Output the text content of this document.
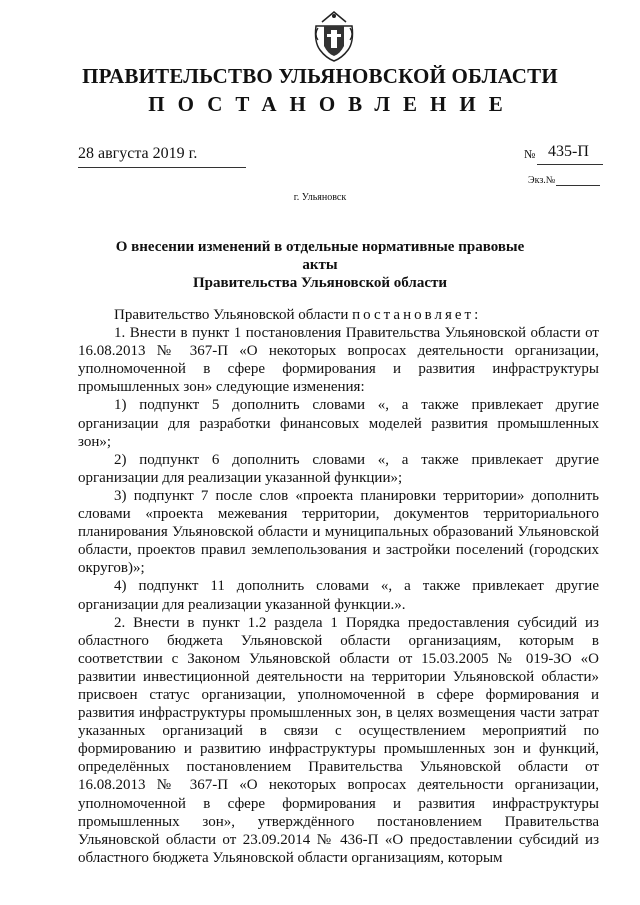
ПРАВИТЕЛЬСТВО УЛЬЯНОВСКОЙ ОБЛАСТИ
ПОСТАНОВЛЕНИЕ
28 августа 2019 г.	№ 435-П
Экз.№
г. Ульяновск
О внесении изменений в отдельные нормативные правовые акты
Правительства Ульяновской области

Правительство Ульяновской области постановляет:

1. Внести в пункт 1 постановления Правительства Ульяновской области от 16.08.2013 № 367-П «О некоторых вопросах деятельности организации, уполномоченной в сфере формирования и развития инфраструктуры промышленных зон» следующие изменения:

1) подпункт 5 дополнить словами «, а также привлекает другие организации для разработки финансовых моделей развития промышленных зон»;

2) подпункт 6 дополнить словами «, а также привлекает другие организации для реализации указанной функции»;

3) подпункт 7 после слов «проекта планировки территории» дополнить словами «проекта межевания территории, документов территориального планирования Ульяновской области и муниципальных образований Ульяновской области, проектов правил землепользования и застройки поселений (городских округов)»;

4) подпункт 11 дополнить словами «, а также привлекает другие организации для реализации указанной функции.».

2. Внести в пункт 1.2 раздела 1 Порядка предоставления субсидий из областного бюджета Ульяновской области организациям, которым в соответствии с Законом Ульяновской области от 15.03.2005 № 019-ЗО «О развитии инвестиционной деятельности на территории Ульяновской области» присвоен статус организации, уполномоченной в сфере формирования и развития инфраструктуры промышленных зон, в целях возмещения части затрат указанных организаций в связи с осуществлением мероприятий по формированию и развитию инфраструктуры промышленных зон и функций, определённых постановлением Правительства Ульяновской области от 16.08.2013 № 367-П «О некоторых вопросах деятельности организации, уполномоченной в сфере формирования и развития инфраструктуры промышленных зон», утверждённого постановлением Правительства Ульяновской области от 23.09.2014 № 436-П «О предоставлении субсидий из областного бюджета Ульяновской области организациям, которым
